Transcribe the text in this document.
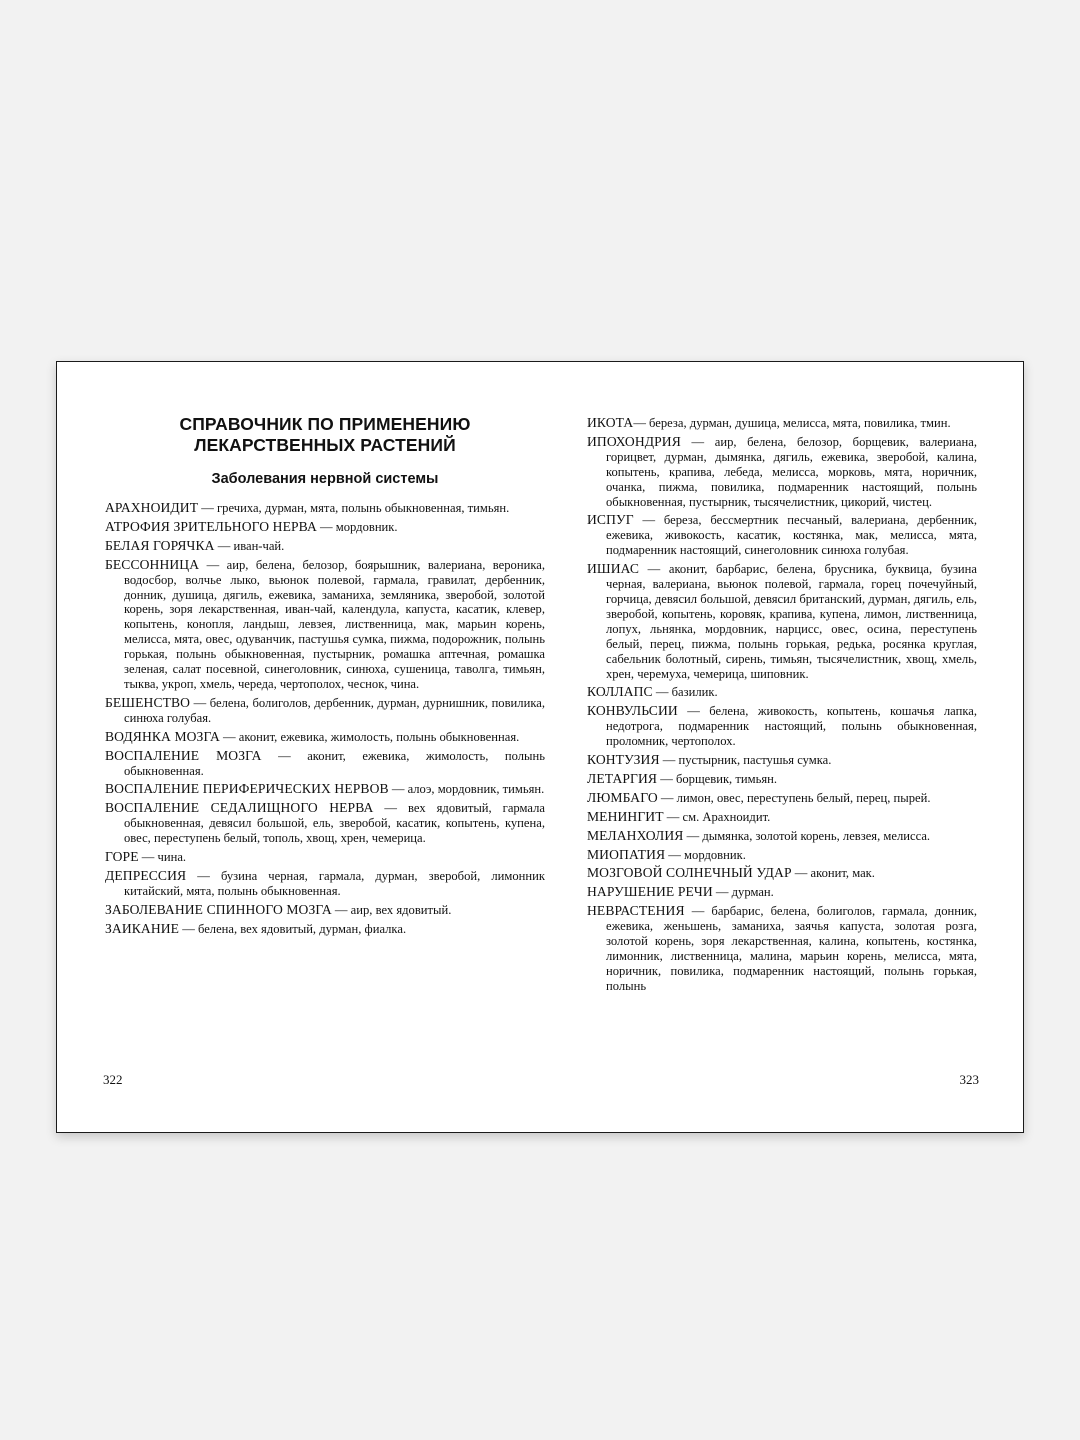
СПРАВОЧНИК ПО ПРИМЕНЕНИЮ
ЛЕКАРСТВЕННЫХ РАСТЕНИЙ
Заболевания нервной системы
АРАХНОИДИТ — гречиха, дурман, мята, полынь обыкновенная, тимьян.
АТРОФИЯ ЗРИТЕЛЬНОГО НЕРВА — мордовник.
БЕЛАЯ ГОРЯЧКА — иван-чай.
БЕССОННИЦА — аир, белена, белозор, боярышник, валериана, вероника, водосбор, волчье лыко, вьюнок полевой, гармала, гравилат, дербенник, донник, душица, дягиль, ежевика, заманиха, земляника, зверобой, золотой корень, зоря лекарственная, иван-чай, календула, капуста, касатик, клевер, копытень, конопля, ландыш, левзея, лиственница, мак, марьин корень, мелисса, мята, овес, одуванчик, пастушья сумка, пижма, подорожник, полынь горькая, полынь обыкновенная, пустырник, ромашка аптечная, ромашка зеленая, салат посевной, синеголовник, синюха, сушеница, таволга, тимьян, тыква, укроп, хмель, череда, чертополох, чеснок, чина.
БЕШЕНСТВО — белена, болиголов, дербенник, дурман, дурнишник, повилика, синюха голубая.
ВОДЯНКА МОЗГА — аконит, ежевика, жимолость, полынь обыкновенная.
ВОСПАЛЕНИЕ МОЗГА — аконит, ежевика, жимолость, полынь обыкновенная.
ВОСПАЛЕНИЕ ПЕРИФЕРИЧЕСКИХ НЕРВОВ — алоэ, мордовник, тимьян.
ВОСПАЛЕНИЕ СЕДАЛИЩНОГО НЕРВА — вех ядовитый, гармала обыкновенная, девясил большой, ель, зверобой, касатик, копытень, купена, овес, переступень белый, тополь, хвощ, хрен, чемерица.
ГОРЕ — чина.
ДЕПРЕССИЯ — бузина черная, гармала, дурман, зверобой, лимонник китайский, мята, полынь обыкновенная.
ЗАБОЛЕВАНИЕ СПИННОГО МОЗГА — аир, вех ядовитый.
ЗАИКАНИЕ — белена, вех ядовитый, дурман, фиалка.
322
ИКОТА— береза, дурман, душица, мелисса, мята, повилика, тмин.
ИПОХОНДРИЯ — аир, белена, белозор, борщевик, валериана, горицвет, дурман, дымянка, дягиль, ежевика, зверобой, калина, копытень, крапива, лебеда, мелисса, морковь, мята, норичник, очанка, пижма, повилика, подмаренник настоящий, полынь обыкновенная, пустырник, тысячелистник, цикорий, чистец.
ИСПУГ — береза, бессмертник песчаный, валериана, дербенник, ежевика, живокость, касатик, костянка, мак, мелисса, мята, подмаренник настоящий, синеголовник синюха голубая.
ИШИАС — аконит, барбарис, белена, брусника, буквица, бузина черная, валериана, вьюнок полевой, гармала, горец почечуйный, горчица, девясил большой, девясил британский, дурман, дягиль, ель, зверобой, копытень, коровяк, крапива, купена, лимон, лиственница, лопух, льнянка, мордовник, нарцисс, овес, осина, переступень белый, перец, пижма, полынь горькая, редька, росянка круглая, сабельник болотный, сирень, тимьян, тысячелистник, хвощ, хмель, хрен, черемуха, чемерица, шиповник.
КОЛЛАПС — базилик.
КОНВУЛЬСИИ — белена, живокость, копытень, кошачья лапка, недотрога, подмаренник настоящий, полынь обыкновенная, проломник, чертополох.
КОНТУЗИЯ — пустырник, пастушья сумка.
ЛЕТАРГИЯ — борщевик, тимьян.
ЛЮМБАГО — лимон, овес, переступень белый, перец, пырей.
МЕНИНГИТ — см. Арахноидит.
МЕЛАНХОЛИЯ — дымянка, золотой корень, левзея, мелисса.
МИОПАТИЯ — мордовник.
МОЗГОВОЙ СОЛНЕЧНЫЙ УДАР — аконит, мак.
НАРУШЕНИЕ РЕЧИ — дурман.
НЕВРАСТЕНИЯ — барбарис, белена, болиголов, гармала, донник, ежевика, женьшень, заманиха, заячья капуста, золотая розга, золотой корень, зоря лекарственная, калина, копытень, костянка, лимонник, лиственница, малина, марьин корень, мелисса, мята, норичник, повилика, подмаренник настоящий, полынь горькая, полынь
323
